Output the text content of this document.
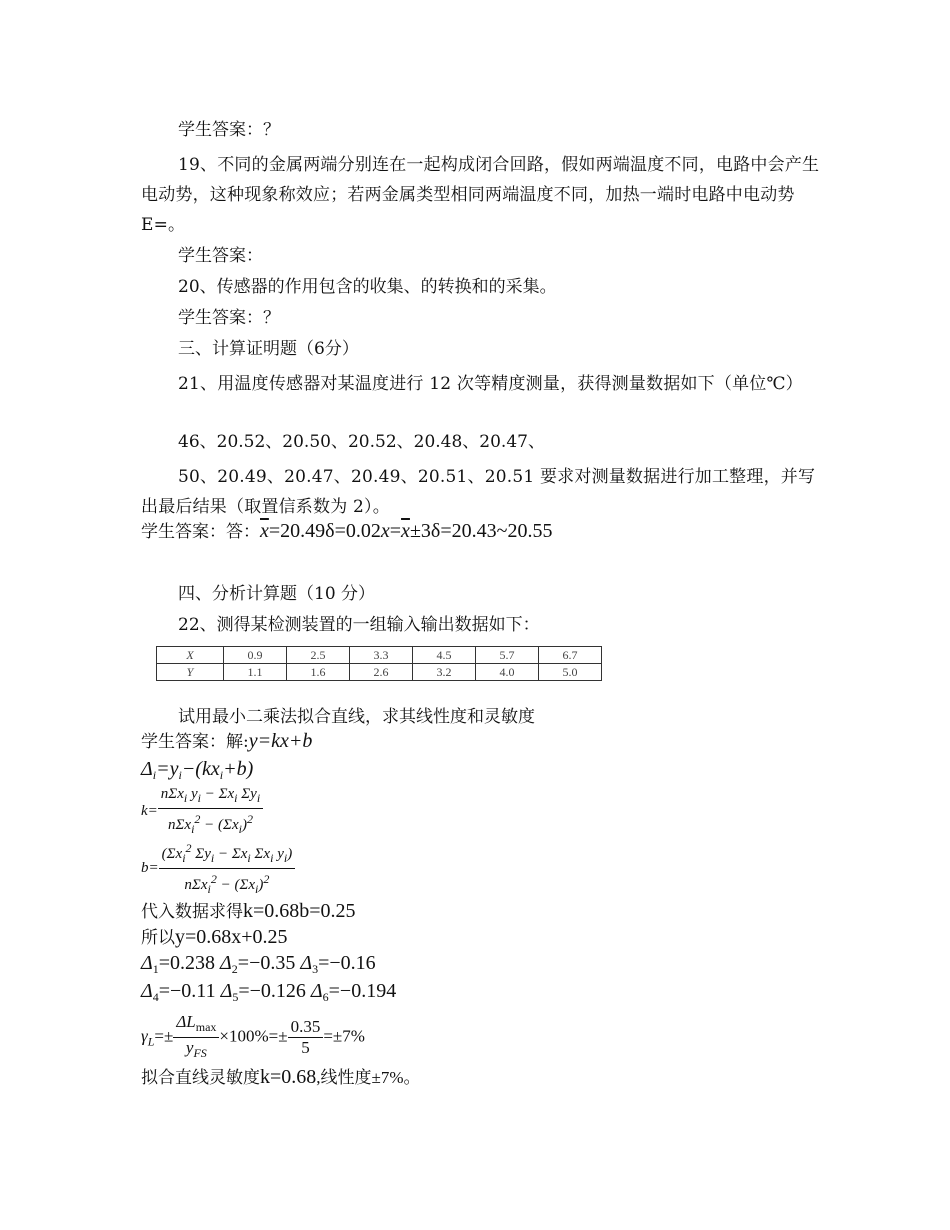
学生答案：？
19、不同的金属两端分别连在一起构成闭合回路，假如两端温度不同，电路中会产生电动势，这种现象称效应；若两金属类型相同两端温度不同，加热一端时电路中电动势 E=。
学生答案：
20、传感器的作用包含的收集、的转换和的采集。
学生答案：？
三、计算证明题（6分）
21、用温度传感器对某温度进行 12 次等精度测量，获得测量数据如下（单位℃）
46、20.52、20.50、20.52、20.48、20.47、
50、20.49、20.47、20.49、20.51、20.51 要求对测量数据进行加工整理，并写出最后结果（取置信系数为 2）。
学生答案：答：$\overline{x}=20.49\delta=0.02x=\overline{x}\pm 3\delta=20.43\sim 20.55$
四、分析计算题（10 分）
22、测得某检测装置的一组输入输出数据如下：
X	0.9	2.5	3.3	4.5	5.7	6.7
Y	1.1	1.6	2.6	3.2	4.0	5.0
试用最小二乘法拟合直线，求其线性度和灵敏度
学生答案：解:y=kx+b
$\Delta_i=y_i-(kx_i+b)$
$k= \frac{n\Sigma x_i y_i - \Sigma x_i \Sigma y_i}{n\Sigma x_i^2 - (\Sigma x_i)^2}$
$b= \frac{(\Sigma x_i^2 \Sigma y_i - \Sigma x_i \Sigma x_i y_i)}{n\Sigma x_i^2 - (\Sigma x_i)^2}$
代入数据求得k=0.68b=0.25
所以y=0.68x+0.25
$\Delta_1=0.238$ $\Delta_2=-0.35$ $\Delta_3=-0.16$
$\Delta_4=-0.11$ $\Delta_5=-0.126$ $\Delta_6=-0.194$
$\gamma_L=\pm \frac{\Delta L_{max}}{y_{FS}} \times 100\%=\pm \frac{0.35}{5} =\pm 7\%$
拟合直线灵敏度k=0.68,线性度±7%。
